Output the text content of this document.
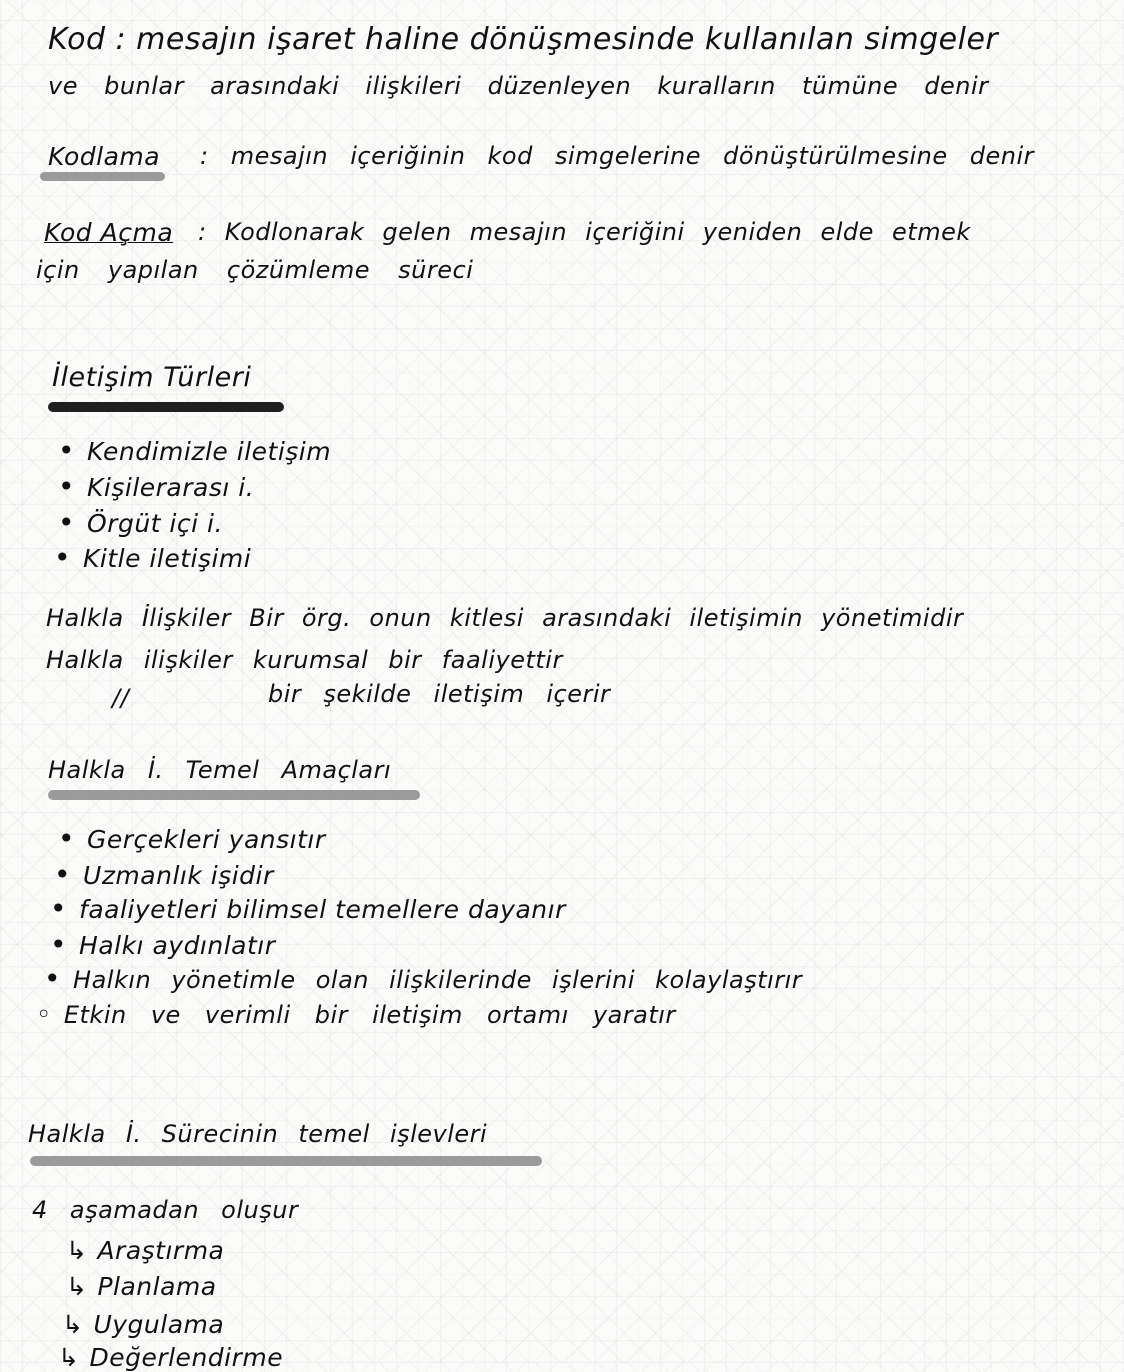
Kod : mesajın işaret haline dönüşmesinde kullanılan simgeler
ve bunlar arasındaki ilişkileri düzenleyen kuralların tümüne denir
Kodlama : mesajın içeriğinin kod simgelerine dönüştürülmesine denir
Kod Açma : Kodlonarak gelen mesajın içeriğini yeniden elde etmek
için yapılan çözümleme süreci
İletişim Türleri
• Kendimizle iletişim
• Kişilerarası i.
• Örgüt içi i.
• Kitle iletişimi
Halkla İlişkiler Bir örg. onun kitlesi arasındaki iletişimin yönetimidir
Halkla ilişkiler kurumsal bir faaliyettir
//	bir şekilde iletişim içerir
Halkla İ. Temel Amaçları
• Gerçekleri yansıtır
• Uzmanlık işidir
• faaliyetleri bilimsel temellere dayanır
• Halkı aydınlatır
• Halkın yönetimle olan ilişkilerinde işlerini kolaylaştırır
◦ Etkin ve verimli bir iletişim ortamı yaratır
Halkla İ. Sürecinin temel işlevleri
4 aşamadan oluşur
↳ Araştırma
↳ Planlama
↳ Uygulama
↳ Değerlendirme
